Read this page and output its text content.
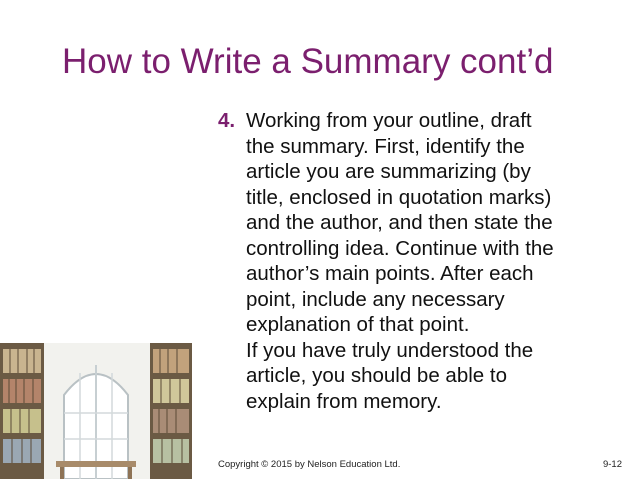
How to Write a Summary cont’d
4. Working from your outline, draft
the summary. First, identify the
article you are summarizing (by
title, enclosed in quotation marks)
and the author, and then state the
controlling idea. Continue with the
author’s main points. After each
point, include any necessary
explanation of that point.
If you have truly understood the
article, you should be able to
explain from memory.
Copyright © 2015 by Nelson Education Ltd.	9-12
